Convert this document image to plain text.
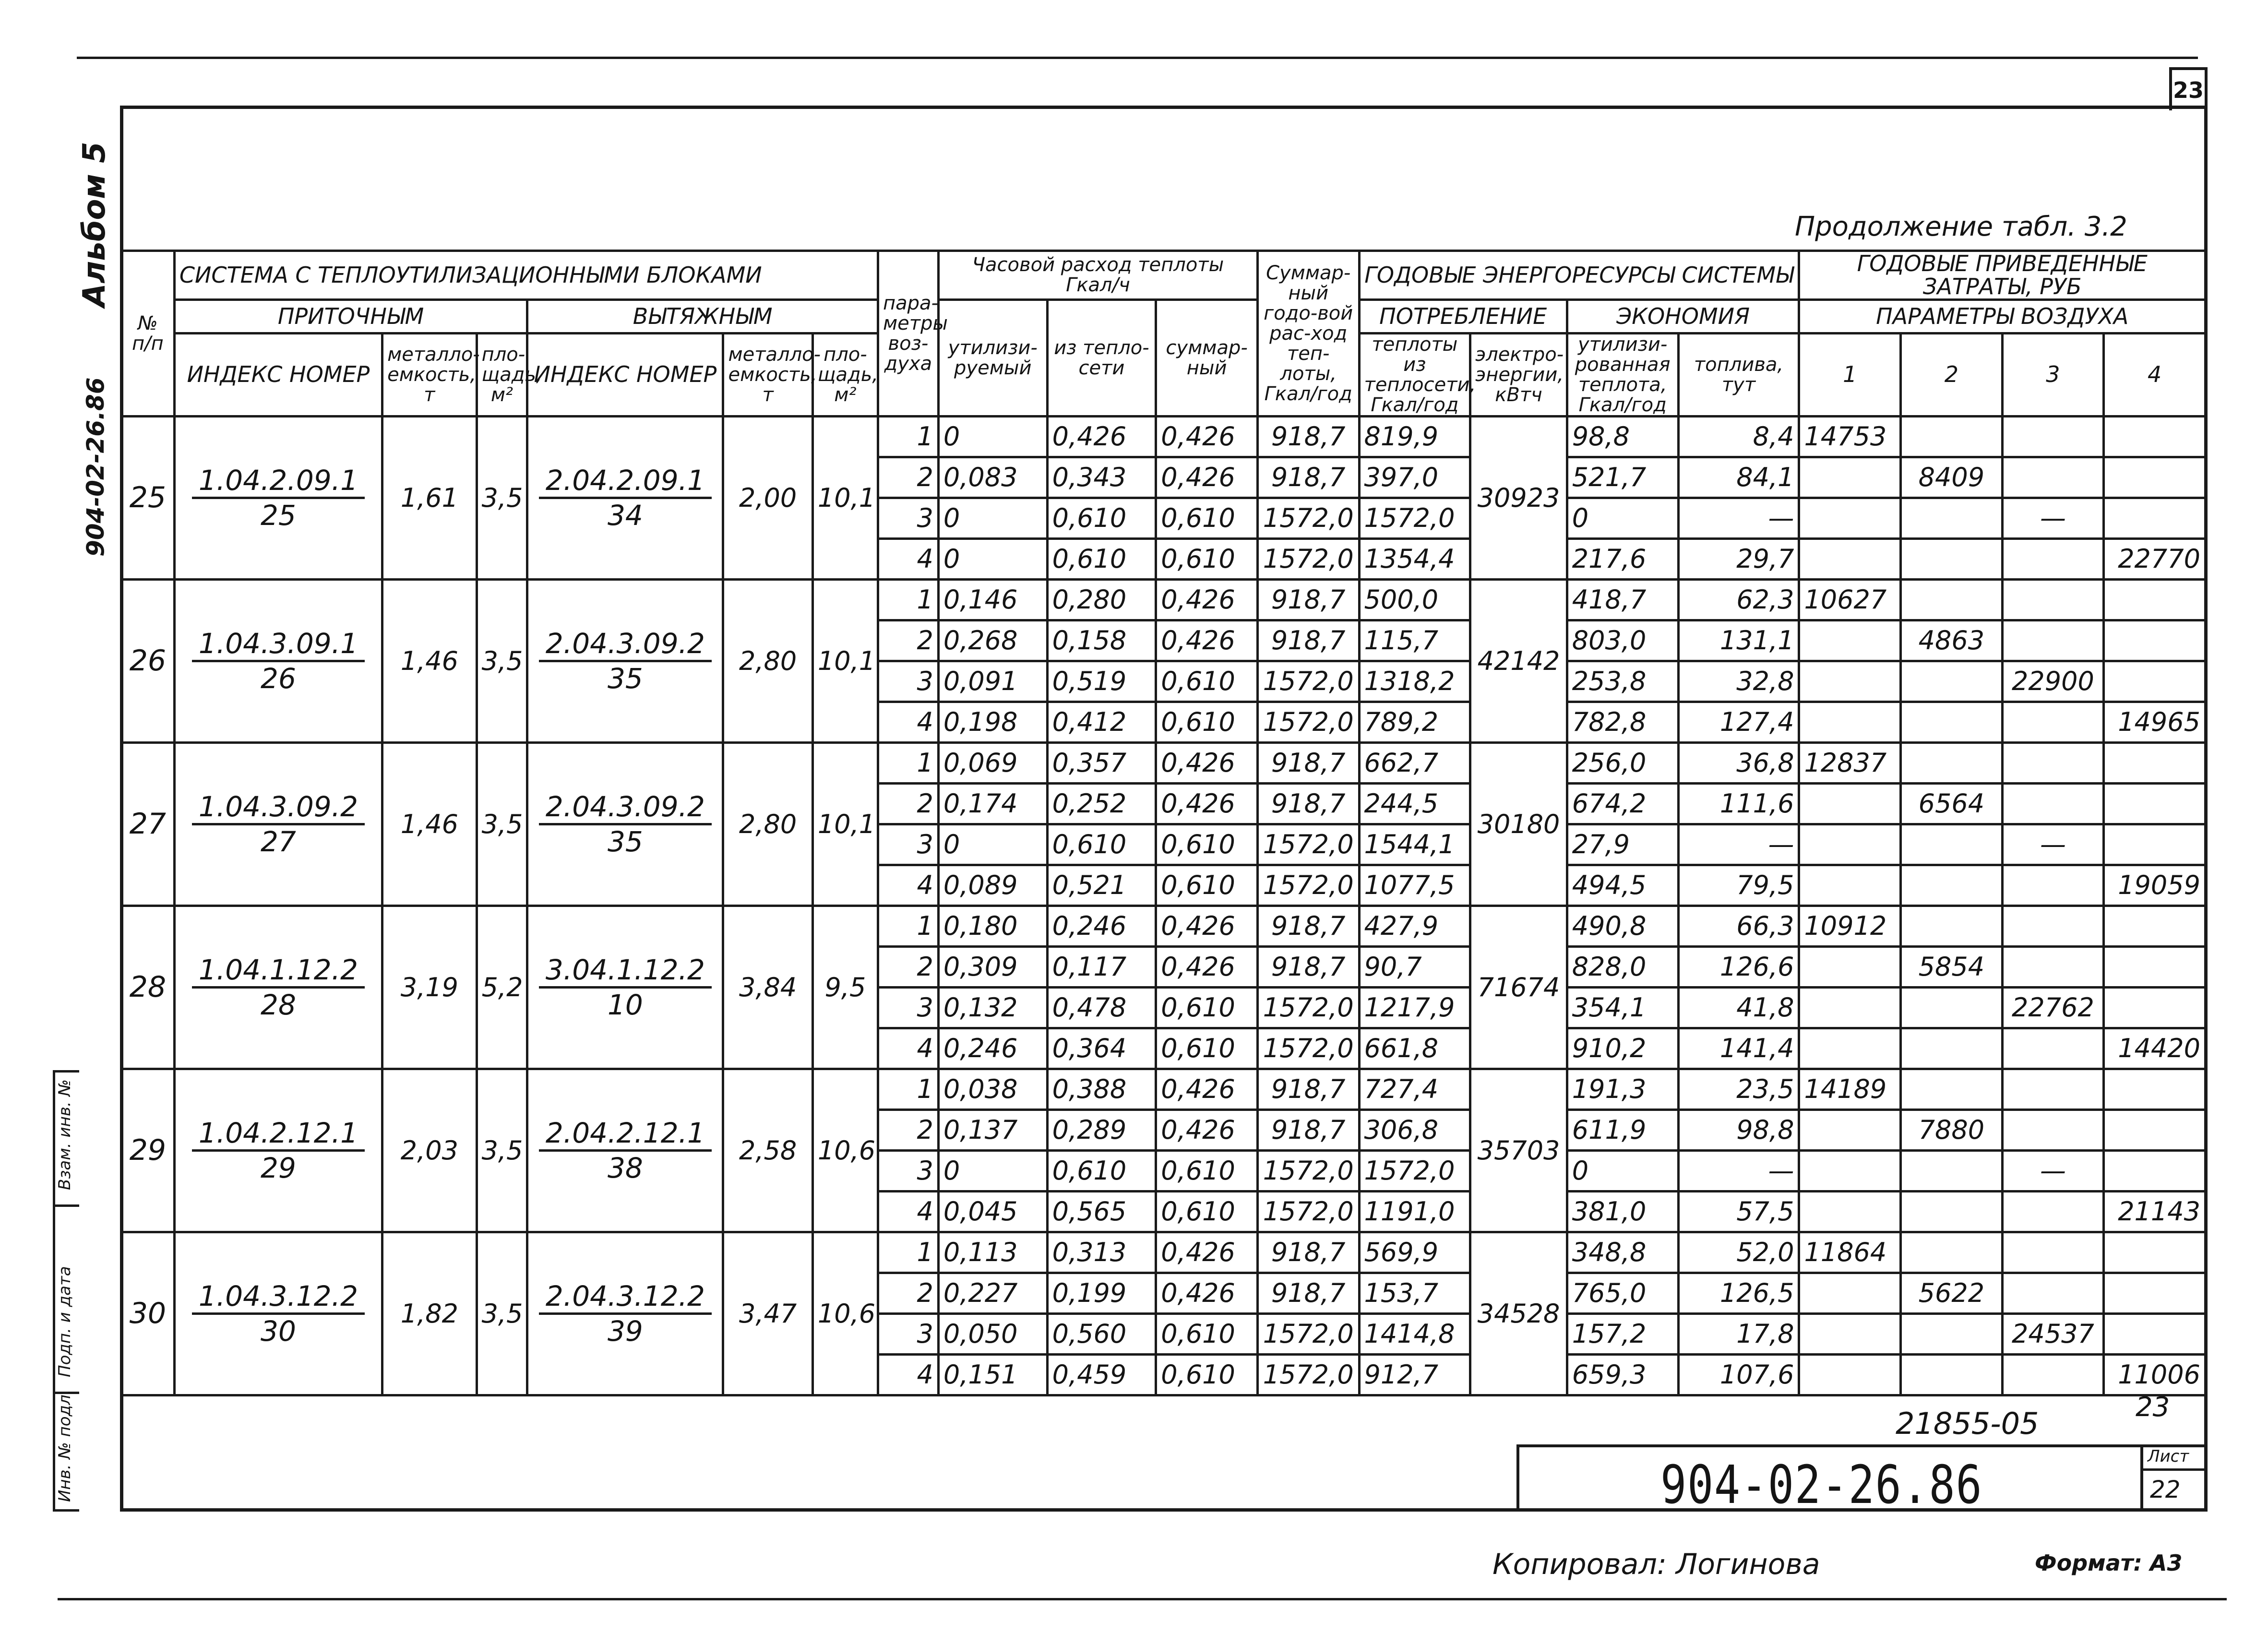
23
Альбом 5
904-02-26.86
Продолжение табл. 3.2
№ п/п	СИСТЕМА С ТЕПЛОУТИЛИЗАЦИОННЫМИ БЛОКАМИ						пара-метры воз-духа	Часовой расход теплоты Гкал/ч			Суммар-ный годо-вой рас-ход теп-лоты, Гкал/год	ГОДОВЫЕ ЭНЕРГОРЕСУРСЫ СИСТЕМЫ				ГОДОВЫЕ ПРИВЕДЕННЫЕ ЗАТРАТЫ, РУБ			
	ПРИТОЧНЫМ			ВЫТЯЖНЫМ				утилизи-руемый	из тепло-сети	суммар-ный		ПОТРЕБЛЕНИЕ		ЭКОНОМИЯ		ПАРАМЕТРЫ ВОЗДУХА			
	ИНДЕКС НОМЕР	металло-емкость, т	пло-щадь, м²	ИНДЕКС НОМЕР	металло-емкость, т	пло-щадь, м²						теплоты из теплосети, Гкал/год	электро-энергии, кВтч	утилизи-рованная теплота, Гкал/год	топлива, тут	1	2	3	4
25	$\frac{1.04.2.09.1}{25}$	1,61	3,5	$\frac{2.04.2.09.1}{34}$	2,00	10,1	1	0	0,426	0,426	918,7	819,9	30923	98,8	8,4	14753			
							2	0,083	0,343	0,426	918,7	397,0		521,7	84,1		8409		
							3	0	0,610	0,610	1572,0	1572,0		0	—			—	
							4	0	0,610	0,610	1572,0	1354,4		217,6	29,7				22770
26	$\frac{1.04.3.09.1}{26}$	1,46	3,5	$\frac{2.04.3.09.2}{35}$	2,80	10,1	1	0,146	0,280	0,426	918,7	500,0	42142	418,7	62,3	10627			
							2	0,268	0,158	0,426	918,7	115,7		803,0	131,1		4863		
							3	0,091	0,519	0,610	1572,0	1318,2		253,8	32,8			22900	
							4	0,198	0,412	0,610	1572,0	789,2		782,8	127,4				14965
27	$\frac{1.04.3.09.2}{27}$	1,46	3,5	$\frac{2.04.3.09.2}{35}$	2,80	10,1	1	0,069	0,357	0,426	918,7	662,7	30180	256,0	36,8	12837			
							2	0,174	0,252	0,426	918,7	244,5		674,2	111,6		6564		
							3	0	0,610	0,610	1572,0	1544,1		27,9	—			—	
							4	0,089	0,521	0,610	1572,0	1077,5		494,5	79,5				19059
28	$\frac{1.04.1.12.2}{28}$	3,19	5,2	$\frac{3.04.1.12.2}{10}$	3,84	9,5	1	0,180	0,246	0,426	918,7	427,9	71674	490,8	66,3	10912			
							2	0,309	0,117	0,426	918,7	90,7		828,0	126,6		5854		
							3	0,132	0,478	0,610	1572,0	1217,9		354,1	41,8			22762	
							4	0,246	0,364	0,610	1572,0	661,8		910,2	141,4				14420
29	$\frac{1.04.2.12.1}{29}$	2,03	3,5	$\frac{2.04.2.12.1}{38}$	2,58	10,6	1	0,038	0,388	0,426	918,7	727,4	35703	191,3	23,5	14189			
							2	0,137	0,289	0,426	918,7	306,8		611,9	98,8		7880		
							3	0	0,610	0,610	1572,0	1572,0		0	—			—	
							4	0,045	0,565	0,610	1572,0	1191,0		381,0	57,5				21143
30	$\frac{1.04.3.12.2}{30}$	1,82	3,5	$\frac{2.04.3.12.2}{39}$	3,47	10,6	1	0,113	0,313	0,426	918,7	569,9	34528	348,8	52,0	11864			
							2	0,227	0,199	0,426	918,7	153,7		765,0	126,5		5622		
							3	0,050	0,560	0,610	1572,0	1414,8		157,2	17,8			24537	
							4	0,151	0,459	0,610	1572,0	912,7		659,3	107,6				11006
Взам. инв. №
Подп. и дата
Инв. № подл.	21855-05	23
904-02-26.86	Лист
22
Копировал: Логинова	Формат: А3
